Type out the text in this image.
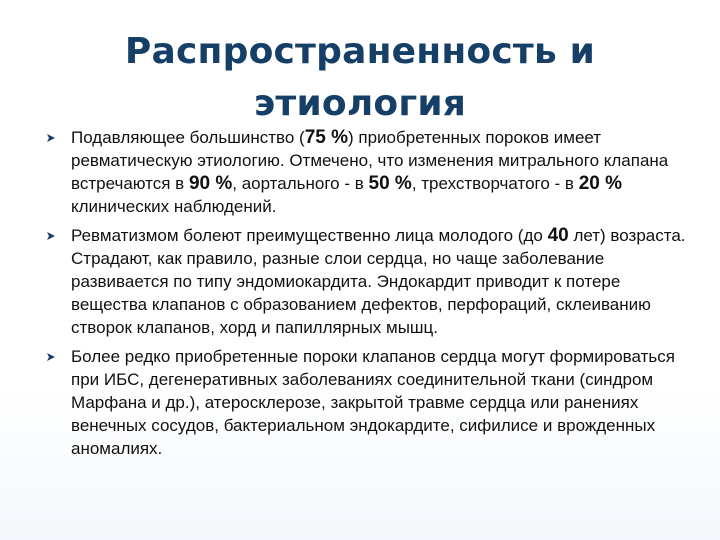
Распространенность и
этиология
Подавляющее большинство (75 %) приобретенных пороков имеет ревматическую этиологию. Отмечено, что изменения митрального клапана встречаются в 90 %, аортального - в 50 %, трехстворчатого - в 20 % клинических наблюдений.
Ревматизмом болеют преимущественно лица молодого (до 40 лет) возраста. Страдают, как правило, разные слои сердца, но чаще заболевание развивается по типу эндомиокардита. Эндокардит приводит к потере вещества клапанов с образованием дефектов, перфораций, склеиванию створок клапанов, хорд и папиллярных мышц.
Более редко приобретенные пороки клапанов сердца могут формироваться при ИБС, дегенеративных заболеваниях соединительной ткани (синдром Марфана и др.), атеросклерозе, закрытой травме сердца или ранениях венечных сосудов, бактериальном эндокардите, сифилисе и врожденных аномалиях.
